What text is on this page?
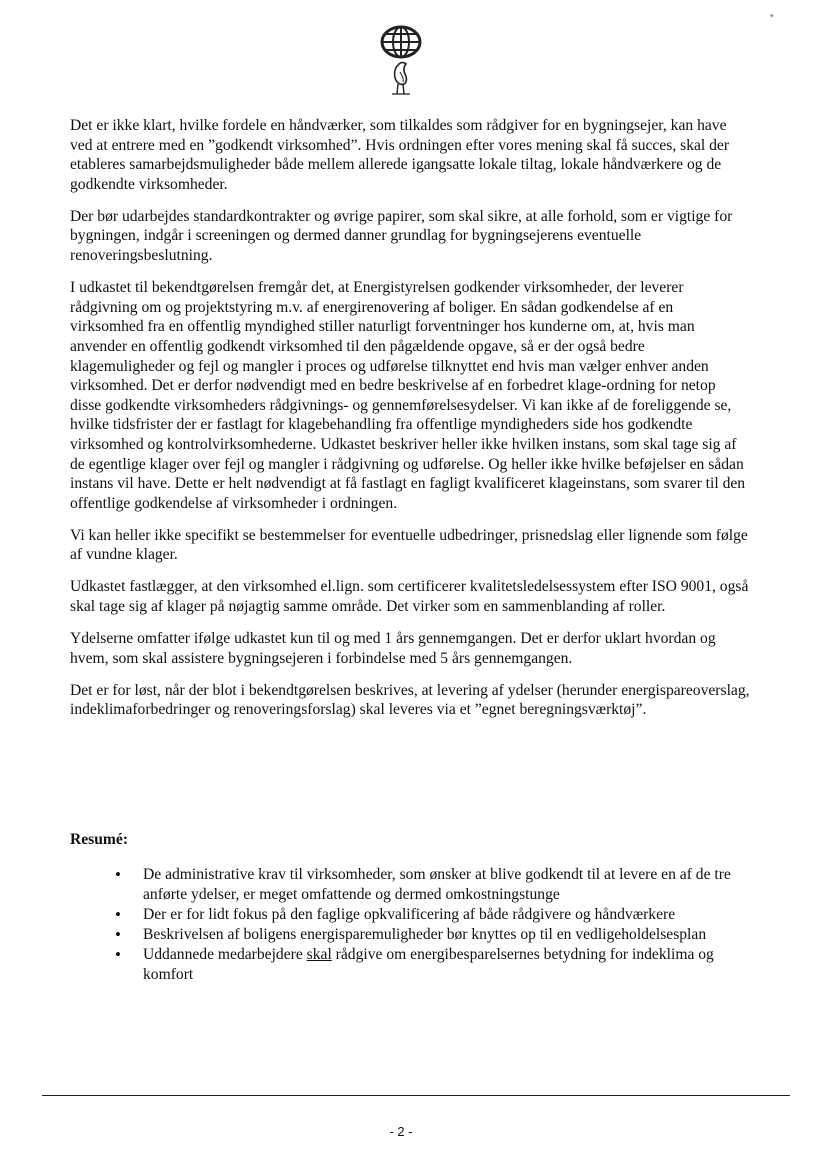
▾

Det er ikke klart, hvilke fordele en håndværker, som tilkaldes som rådgiver for en bygningsejer, kan have ved at entrere med en ”godkendt virksomhed”. Hvis ordningen efter vores mening skal få succes, skal der etableres samarbejdsmuligheder både mellem allerede igangsatte lokale tiltag, lokale håndværkere og de godkendte virksomheder.

Der bør udarbejdes standardkontrakter og øvrige papirer, som skal sikre, at alle forhold, som er vigtige for bygningen, indgår i screeningen og dermed danner grundlag for bygningsejerens eventuelle renoveringsbeslutning.

I udkastet til bekendtgørelsen fremgår det, at Energistyrelsen godkender virksomheder, der leverer rådgivning om og projektstyring m.v. af energirenovering af boliger. En sådan godkendelse af en virksomhed fra en offentlig myndighed stiller naturligt forventninger hos kunderne om, at, hvis man anvender en offentlig godkendt virksomhed til den pågældende opgave, så er der også bedre klagemuligheder og fejl og mangler i proces og udførelse tilknyttet end hvis man vælger enhver anden virksomhed. Det er derfor nødvendigt med en bedre beskrivelse af en forbedret klage-ordning for netop disse godkendte virksomheders rådgivnings- og gennemførelsesydelser. Vi kan ikke af de foreliggende se, hvilke tidsfrister der er fastlagt for klagebehandling fra offentlige myndigheders side hos godkendte virksomhed og kontrolvirksomhederne. Udkastet beskriver heller ikke hvilken instans, som skal tage sig af de egentlige klager over fejl og mangler i rådgivning og udførelse. Og heller ikke hvilke beføjelser en sådan instans vil have. Dette er helt nødvendigt at få fastlagt en fagligt kvalificeret klageinstans, som svarer til den offentlige godkendelse af virksomheder i ordningen.

Vi kan heller ikke specifikt se bestemmelser for eventuelle udbedringer, prisnedslag eller lignende som følge af vundne klager.

Udkastet fastlægger, at den virksomhed el.lign. som certificerer kvalitetsledelsessystem efter ISO 9001, også skal tage sig af klager på nøjagtig samme område. Det virker som en sammenblanding af roller.

Ydelserne omfatter ifølge udkastet kun til og med 1 års gennemgangen. Det er derfor uklart hvordan og hvem, som skal assistere bygningsejeren i forbindelse med 5 års gennemgangen.

Det er for løst, når der blot i bekendtgørelsen beskrives, at levering af ydelser (herunder energispareoverslag, indeklimaforbedringer og renoveringsforslag) skal leveres via et ”egnet beregningsværktøj”.

Resumé:
• De administrative krav til virksomheder, som ønsker at blive godkendt til at levere en af de tre anførte ydelser, er meget omfattende og dermed omkostningstunge
• Der er for lidt fokus på den faglige opkvalificering af både rådgivere og håndværkere
• Beskrivelsen af boligens energisparemuligheder bør knyttes op til en vedligeholdelsesplan
• Uddannede medarbejdere skal rådgive om energibesparelsernes betydning for indeklima og komfort
- 2 -
